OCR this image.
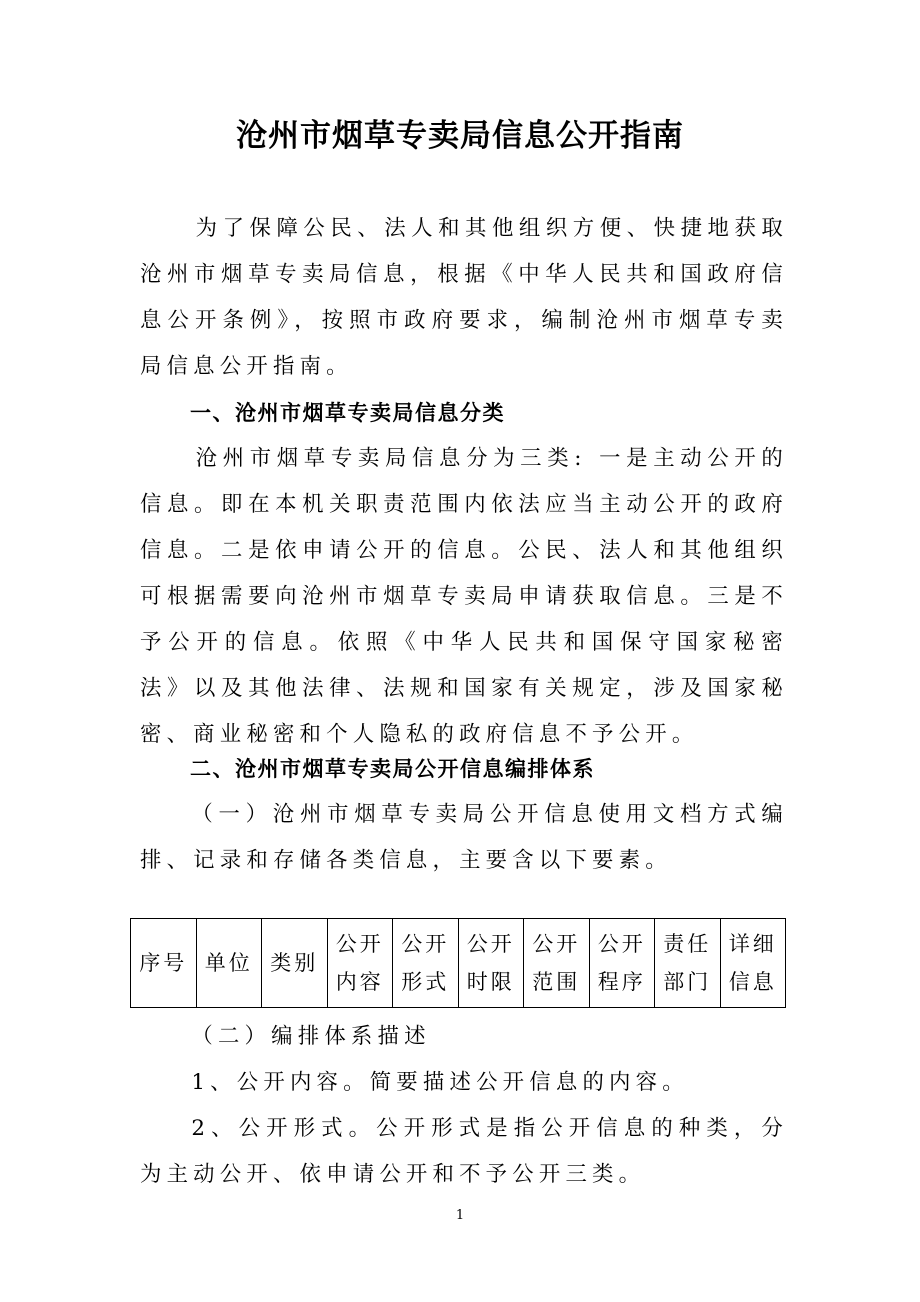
沧州市烟草专卖局信息公开指南

为了保障公民、法人和其他组织方便、快捷地获取沧州市烟草专卖局信息，根据《中华人民共和国政府信息公开条例》，按照市政府要求，编制沧州市烟草专卖局信息公开指南。

一、沧州市烟草专卖局信息分类

沧州市烟草专卖局信息分为三类: 一是主动公开的信息。即在本机关职责范围内依法应当主动公开的政府信息。二是依申请公开的信息。公民、法人和其他组织可根据需要向沧州市烟草专卖局申请获取信息。三是不予公开的信息。依照《中华人民共和国保守国家秘密法》以及其他法律、法规和国家有关规定，涉及国家秘密、商业秘密和个人隐私的政府信息不予公开。

二、沧州市烟草专卖局公开信息编排体系

（一）沧州市烟草专卖局公开信息使用文档方式编排、记录和存储各类信息，主要含以下要素。

序号	单位	类别	公开内容	公开形式	公开时限	公开范围	公开程序	责任部门	详细信息

（二）编排体系描述

1、公开内容。简要描述公开信息的内容。

2、公开形式。公开形式是指公开信息的种类，分为主动公开、依申请公开和不予公开三类。

1
